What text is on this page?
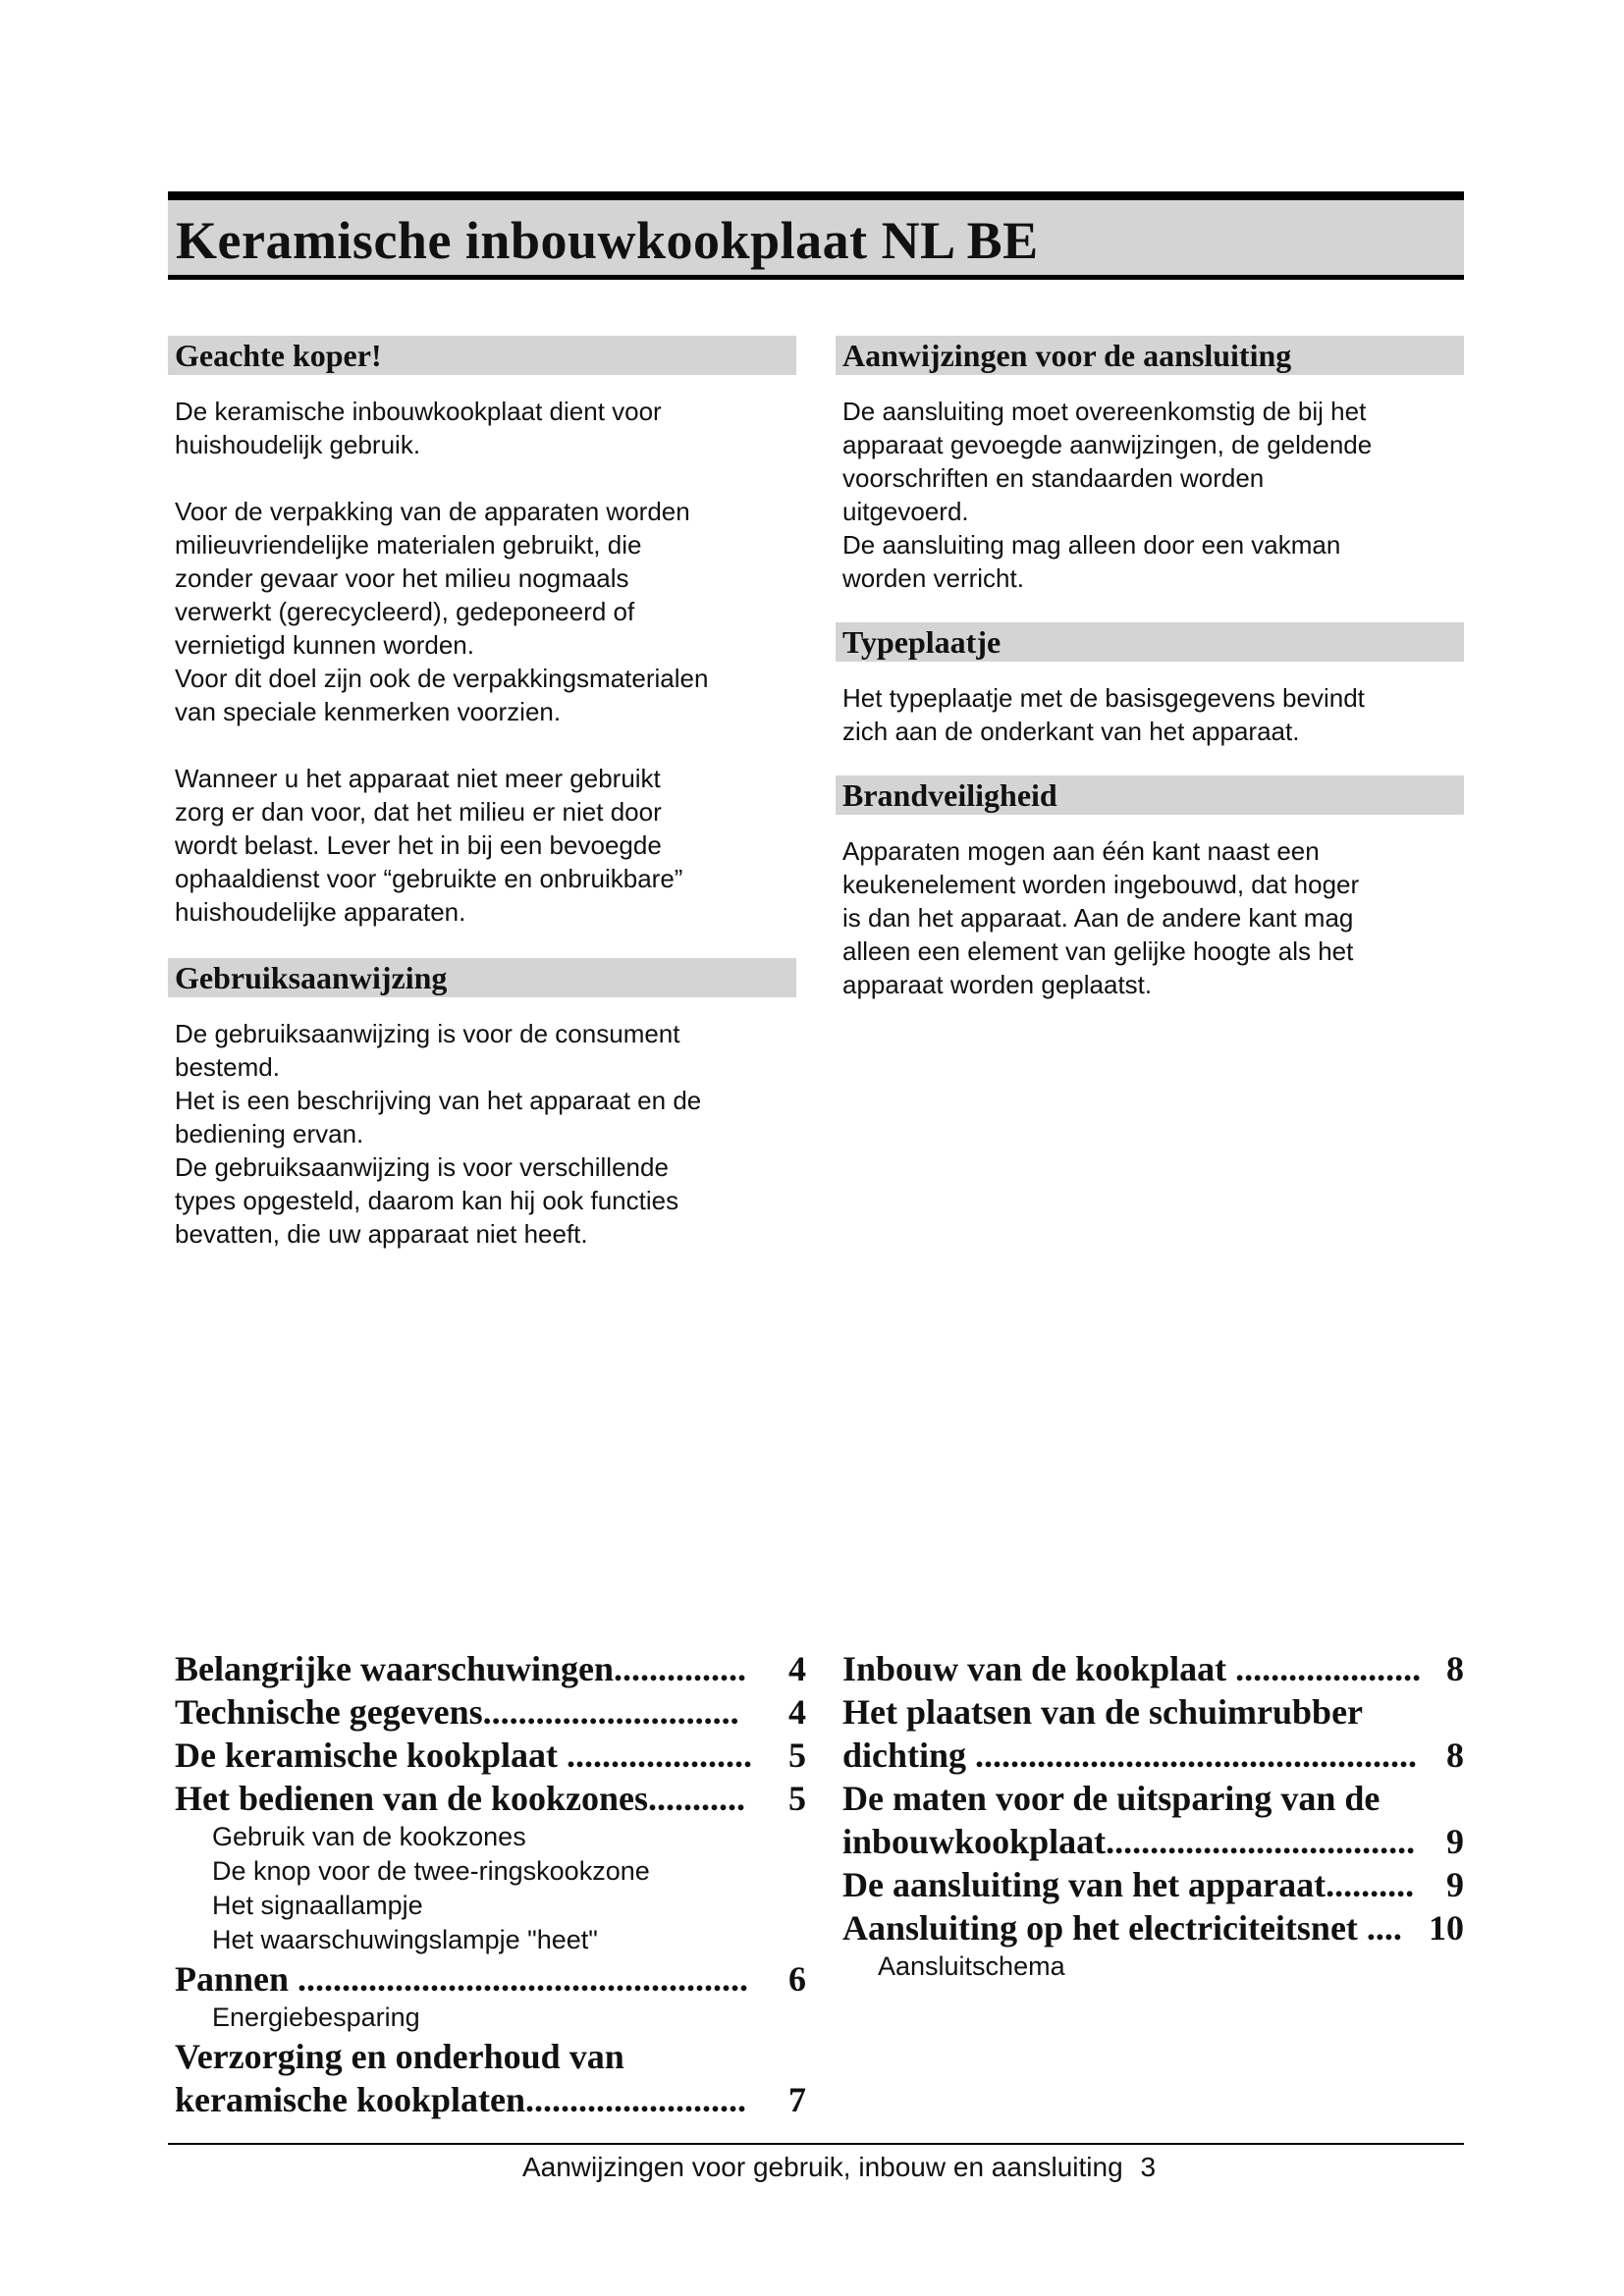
Keramische inbouwkookplaat NL BE
Geachte koper!

De keramische inbouwkookplaat dient voor
huishoudelijk gebruik.

Voor de verpakking van de apparaten worden
milieuvriendelijke materialen gebruikt, die
zonder gevaar voor het milieu nogmaals
verwerkt (gerecycleerd), gedeponeerd of
vernietigd kunnen worden.
Voor dit doel zijn ook de verpakkingsmaterialen
van speciale kenmerken voorzien.

Wanneer u het apparaat niet meer gebruikt
zorg er dan voor, dat het milieu er niet door
wordt belast. Lever het in bij een bevoegde
ophaaldienst voor “gebruikte en onbruikbare”
huishoudelijke apparaten.

Gebruiksaanwijzing

De gebruiksaanwijzing is voor de consument
bestemd.
Het is een beschrijving van het apparaat en de
bediening ervan.
De gebruiksaanwijzing is voor verschillende
types opgesteld, daarom kan hij ook functies
bevatten, die uw apparaat niet heeft.

Aanwijzingen voor de aansluiting

De aansluiting moet overeenkomstig de bij het
apparaat gevoegde aanwijzingen, de geldende
voorschriften en standaarden worden
uitgevoerd.
De aansluiting mag alleen door een vakman
worden verricht.

Typeplaatje

Het typeplaatje met de basisgegevens bevindt
zich aan de onderkant van het apparaat.

Brandveiligheid

Apparaten mogen aan één kant naast een
keukenelement worden ingebouwd, dat hoger
is dan het apparaat. Aan de andere kant mag
alleen een element van gelijke hoogte als het
apparaat worden geplaatst.

Belangrijke waarschuwingen...............	4
Technische gegevens.............................	4
De keramische kookplaat .....................	5
Het bedienen van de kookzones...........	5
Gebruik van de kookzones
De knop voor de twee-ringskookzone
Het signaallampje
Het waarschuwingslampje "heet"
Pannen ...................................................	6
Energiebesparing
Verzorging en onderhoud van
keramische kookplaten.........................	7
Inbouw van de kookplaat ..................... 8
Het plaatsen van de schuimrubber
dichting .................................................. 8
De maten voor de uitsparing van de
inbouwkookplaat................................... 9
De aansluiting van het apparaat.......... 9
Aansluiting op het electriciteitsnet .... 10
Aansluitschema
Aanwijzingen voor gebruik, inbouw en aansluiting 3
